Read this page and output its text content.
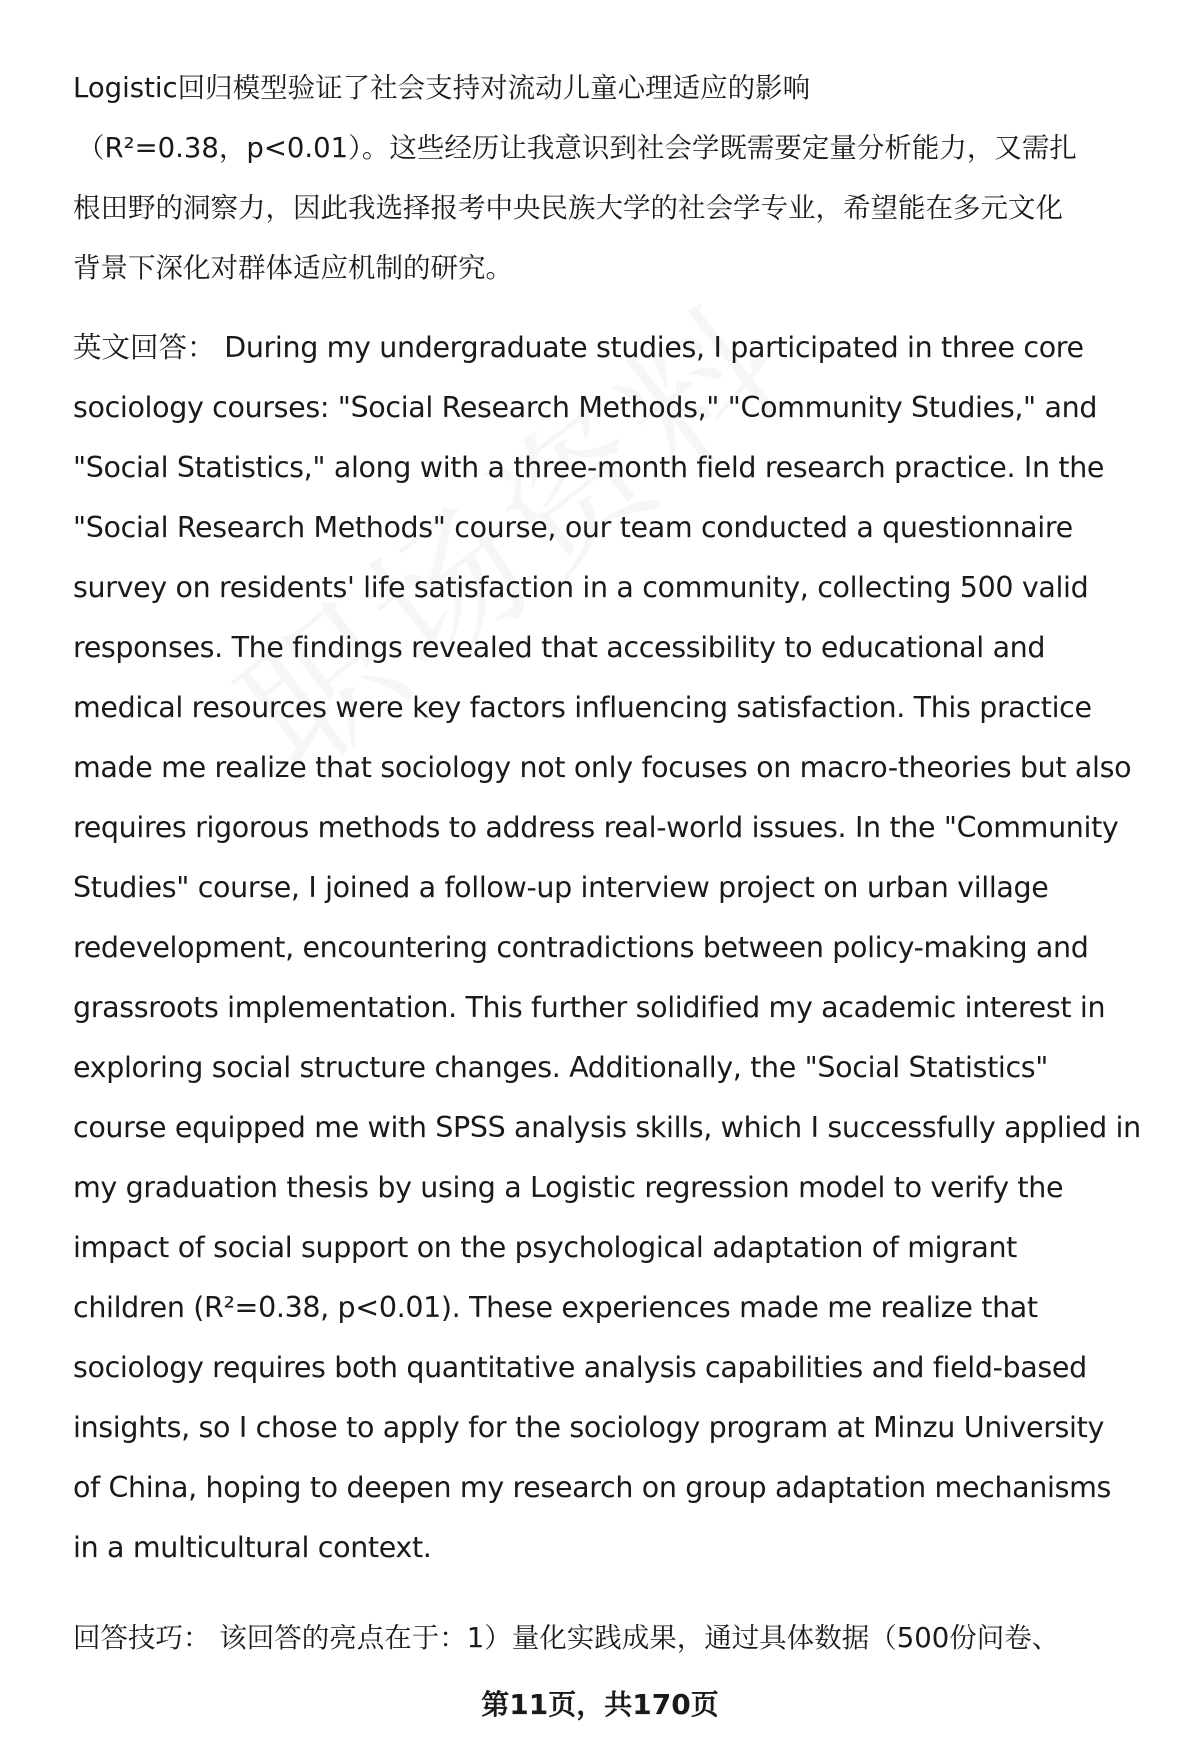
Logistic回归模型验证了社会支持对流动儿童心理适应的影响
（R²=0.38，p<0.01）。这些经历让我意识到社会学既需要定量分析能力，又需扎
根田野的洞察力，因此我选择报考中央民族大学的社会学专业，希望能在多元文化
背景下深化对群体适应机制的研究。
英文回答： During my undergraduate studies, I participated in three core
sociology courses: "Social Research Methods," "Community Studies," and
"Social Statistics," along with a three-month field research practice. In the
"Social Research Methods" course, our team conducted a questionnaire
survey on residents' life satisfaction in a community, collecting 500 valid
responses. The findings revealed that accessibility to educational and
medical resources were key factors influencing satisfaction. This practice
made me realize that sociology not only focuses on macro-theories but also
requires rigorous methods to address real-world issues. In the "Community
Studies" course, I joined a follow-up interview project on urban village
redevelopment, encountering contradictions between policy-making and
grassroots implementation. This further solidified my academic interest in
exploring social structure changes. Additionally, the "Social Statistics"
course equipped me with SPSS analysis skills, which I successfully applied in
my graduation thesis by using a Logistic regression model to verify the
impact of social support on the psychological adaptation of migrant
children (R²=0.38, p<0.01). These experiences made me realize that
sociology requires both quantitative analysis capabilities and field-based
insights, so I chose to apply for the sociology program at Minzu University
of China, hoping to deepen my research on group adaptation mechanisms
in a multicultural context.
回答技巧： 该回答的亮点在于：1）量化实践成果，通过具体数据（500份问卷、
第11页，共170页
